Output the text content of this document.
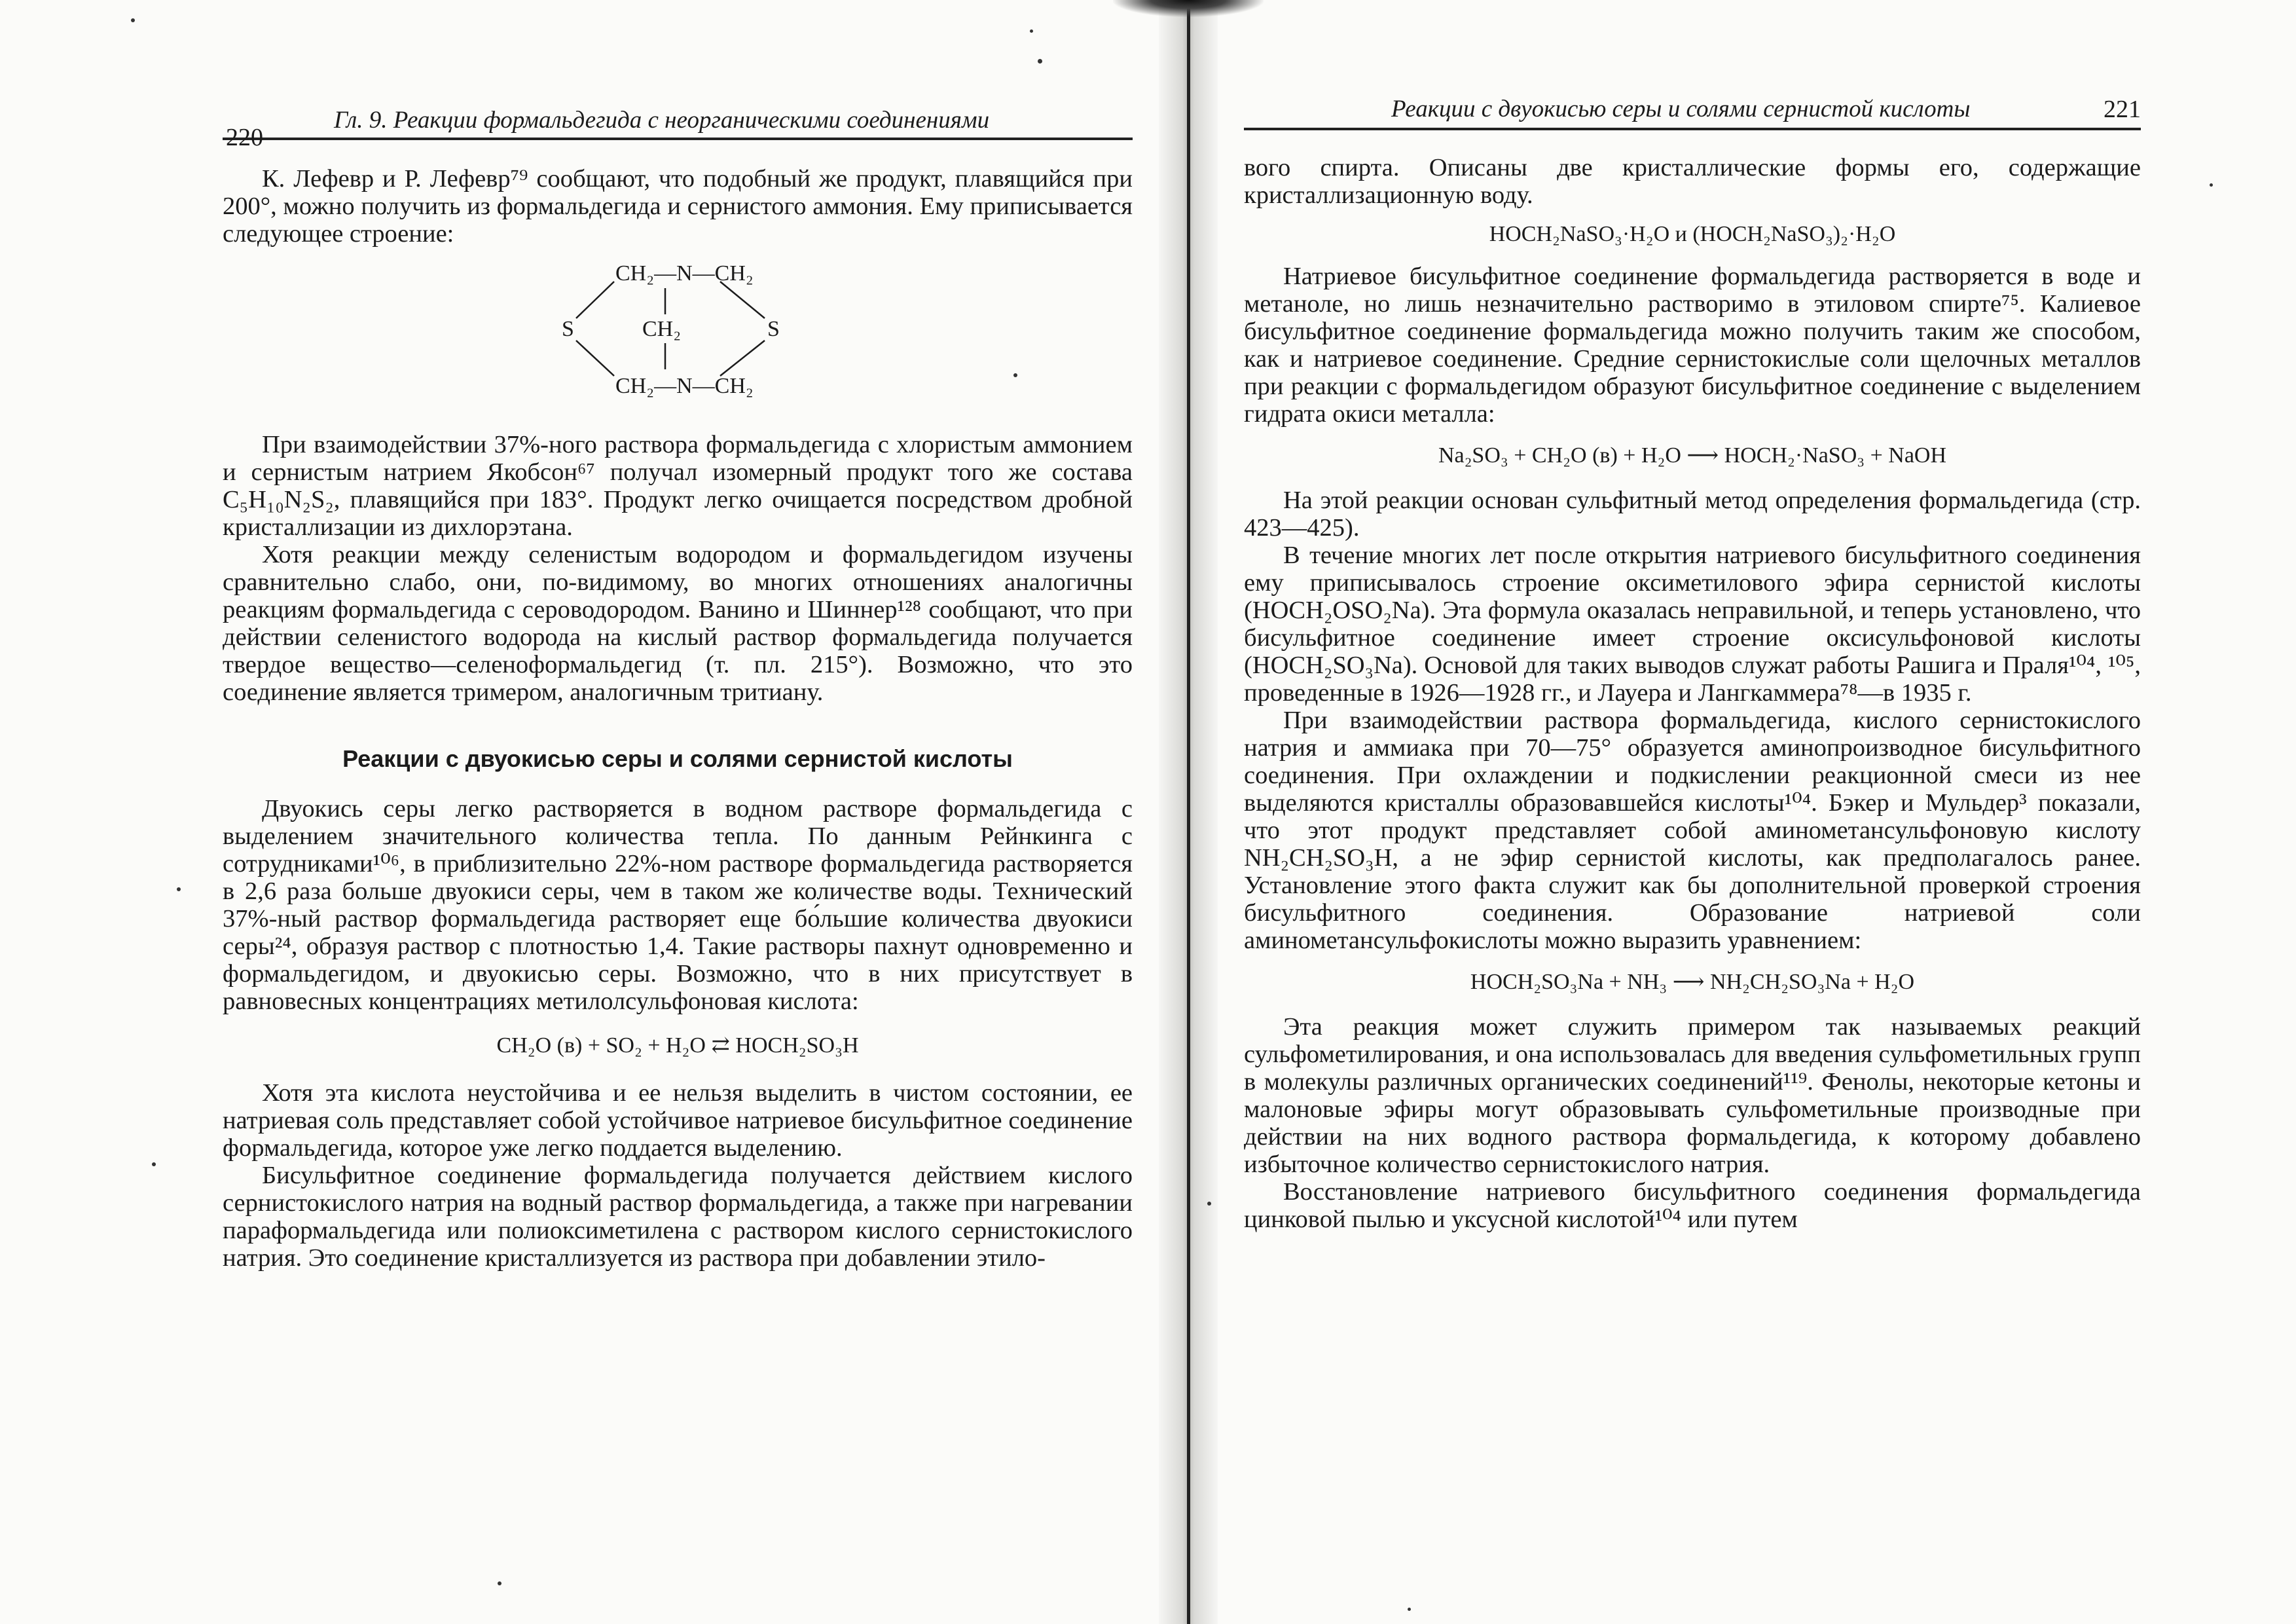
220
Гл. 9. Реакции формальдегида с неорганическими соединениями

К. Лефевр и Р. Лефевр⁷⁹ сообщают, что подобный же продукт, плавящийся при 200°, можно получить из формальдегида и сернистого аммония. Ему приписывается следующее строение:

CH₂—N—CH₂
CH₂
CH₂—N—CH₂
S	S

При взаимодействии 37%-ного раствора формальдегида с хлористым аммонием и сернистым натрием Якобсон⁶⁷ получал изомерный продукт того же состава C₅H₁₀N₂S₂, плавящийся при 183°. Продукт легко очищается посредством дробной кристаллизации из дихлорэтана.

Хотя реакции между селенистым водородом и формальдегидом изучены сравнительно слабо, они, по-видимому, во многих отношениях аналогичны реакциям формальдегида с сероводородом. Ванино и Шиннер¹²⁸ сообщают, что при действии селенистого водорода на кислый раствор формальдегида получается твердое вещество—селеноформальдегид (т. пл. 215°). Возможно, что это соединение является тримером, аналогичным тритиану.

Реакции с двуокисью серы и солями сернистой кислоты

Двуокись серы легко растворяется в водном растворе формальдегида с выделением значительного количества тепла. По данным Рейнкинга с сотрудниками¹⁰⁶, в приблизительно 22%-ном растворе формальдегида растворяется в 2,6 раза больше двуокиси серы, чем в таком же количестве воды. Технический 37%-ный раствор формальдегида растворяет еще бо́льшие количества двуокиси серы²⁴, образуя раствор с плотностью 1,4. Такие растворы пахнут одновременно и формальдегидом, и двуокисью серы. Возможно, что в них присутствует в равновесных концентрациях метилолсульфоновая кислота:

CH₂O (в) + SO₂ + H₂O ⇄ HOCH₂SO₃H

Хотя эта кислота неустойчива и ее нельзя выделить в чистом состоянии, ее натриевая соль представляет собой устойчивое натриевое бисульфитное соединение формальдегида, которое уже легко поддается выделению.

Бисульфитное соединение формальдегида получается действием кислого сернистокислого натрия на водный раствор формальдегида, а также при нагревании параформальдегида или полиоксиметилена с раствором кислого сернистокислого натрия. Это соединение кристаллизуется из раствора при добавлении этило-

Реакции с двуокисью серы и солями сернистой кислоты	221

вого спирта. Описаны две кристаллические формы его, содержащие кристаллизационную воду.

HOCH₂NaSO₃·H₂O и (HOCH₂NaSO₃)₂·H₂O

Натриевое бисульфитное соединение формальдегида растворяется в воде и метаноле, но лишь незначительно растворимо в этиловом спирте⁷⁵. Калиевое бисульфитное соединение формальдегида можно получить таким же способом, как и натриевое соединение. Средние сернистокислые соли щелочных металлов при реакции с формальдегидом образуют бисульфитное соединение с выделением гидрата окиси металла:

Na₂SO₃ + CH₂O (в) + H₂O ⟶ HOCH₂·NaSO₃ + NaOH

На этой реакции основан сульфитный метод определения формальдегида (стр. 423—425).

В течение многих лет после открытия натриевого бисульфитного соединения ему приписывалось строение оксиметилового эфира сернистой кислоты (HOCH₂OSO₂Na). Эта формула оказалась неправильной, и теперь установлено, что бисульфитное соединение имеет строение оксисульфоновой кислоты (HOCH₂SO₃Na). Основой для таких выводов служат работы Рашига и Праля¹⁰⁴, ¹⁰⁵, проведенные в 1926—1928 гг., и Лауера и Лангкаммера⁷⁸—в 1935 г.

При взаимодействии раствора формальдегида, кислого сернистокислого натрия и аммиака при 70—75° образуется аминопроизводное бисульфитного соединения. При охлаждении и подкислении реакционной смеси из нее выделяются кристаллы образовавшейся кислоты¹⁰⁴. Бэкер и Мульдер³ показали, что этот продукт представляет собой аминометансульфоновую кислоту NH₂CH₂SO₃H, а не эфир сернистой кислоты, как предполагалось ранее. Установление этого факта служит как бы дополнительной проверкой строения бисульфитного соединения. Образование натриевой соли аминометансульфокислоты можно выразить уравнением:

HOCH₂SO₃Na + NH₃ ⟶ NH₂CH₂SO₃Na + H₂O

Эта реакция может служить примером так называемых реакций сульфометилирования, и она использовалась для введения сульфометильных групп в молекулы различных органических соединений¹¹⁹. Фенолы, некоторые кетоны и малоновые эфиры могут образовывать сульфометильные производные при действии на них водного раствора формальдегида, к которому добавлено избыточное количество сернистокислого натрия.

Восстановление натриевого бисульфитного соединения формальдегида цинковой пылью и уксусной кислотой¹⁰⁴ или путем
